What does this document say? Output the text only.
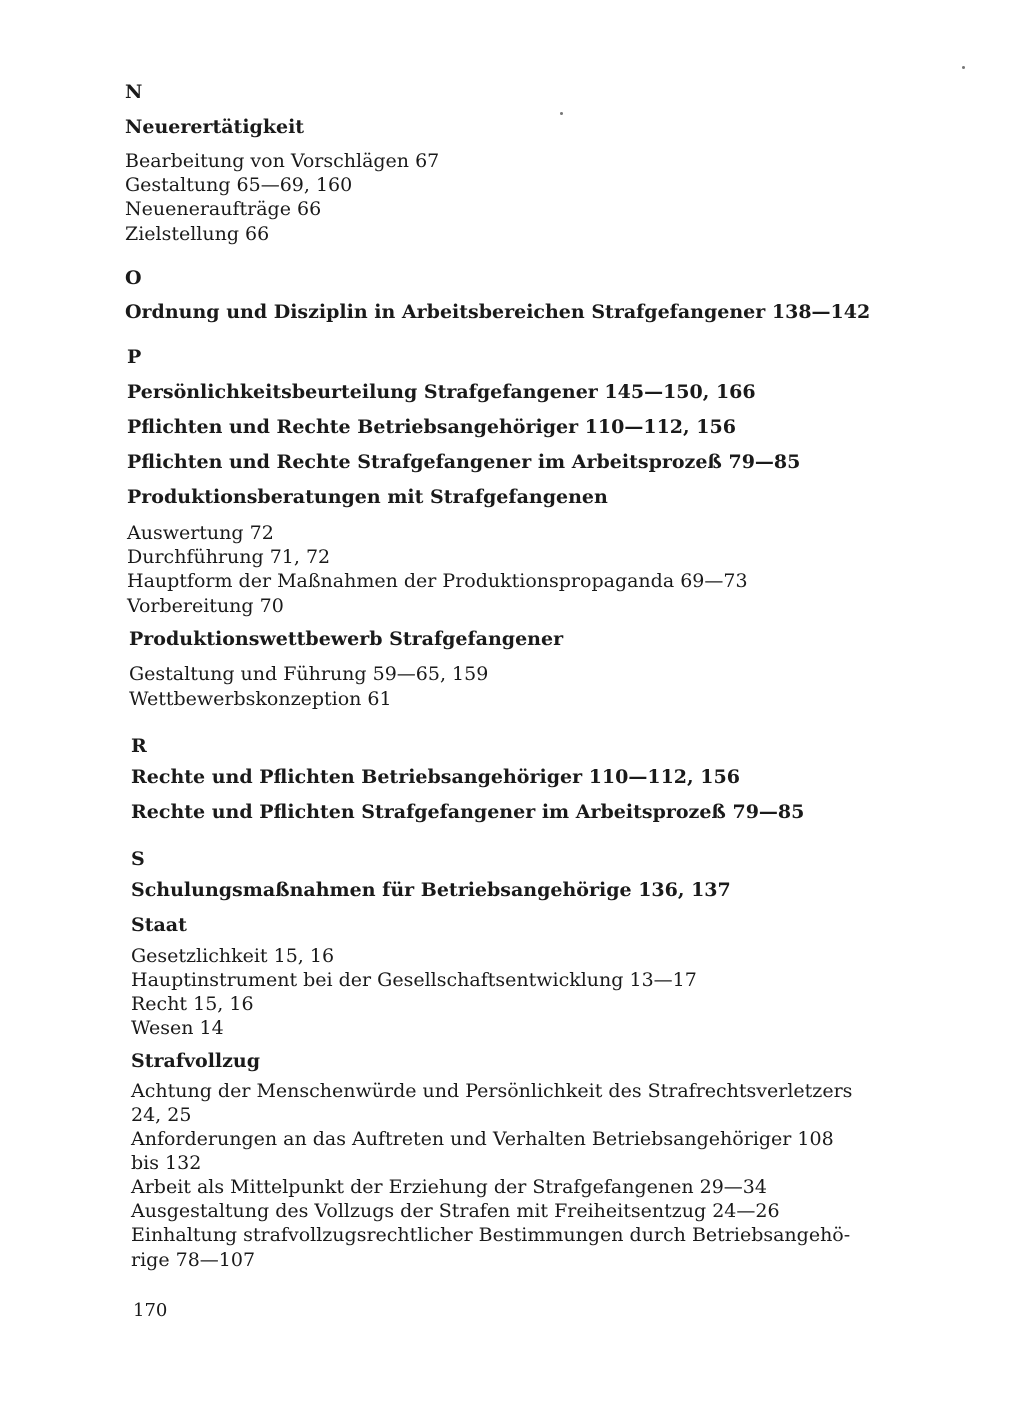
N
Neuerertätigkeit
Bearbeitung von Vorschlägen 67
Gestaltung 65—69, 160
Neueneraufträge 66
Zielstellung 66
O
Ordnung und Disziplin in Arbeitsbereichen Strafgefangener 138—142
P
Persönlichkeitsbeurteilung Strafgefangener 145—150, 166
Pflichten und Rechte Betriebsangehöriger 110—112, 156
Pflichten und Rechte Strafgefangener im Arbeitsprozeß 79—85
Produktionsberatungen mit Strafgefangenen
Auswertung 72
Durchführung 71, 72
Hauptform der Maßnahmen der Produktionspropaganda 69—73
Vorbereitung 70
Produktionswettbewerb Strafgefangener
Gestaltung und Führung 59—65, 159
Wettbewerbskonzeption 61
R
Rechte und Pflichten Betriebsangehöriger 110—112, 156
Rechte und Pflichten Strafgefangener im Arbeitsprozeß 79—85
S
Schulungsmaßnahmen für Betriebsangehörige 136, 137
Staat
Gesetzlichkeit 15, 16
Hauptinstrument bei der Gesellschaftsentwicklung 13—17
Recht 15, 16
Wesen 14
Strafvollzug
Achtung der Menschenwürde und Persönlichkeit des Strafrechtsverletzers
24, 25
Anforderungen an das Auftreten und Verhalten Betriebsangehöriger 108
bis 132
Arbeit als Mittelpunkt der Erziehung der Strafgefangenen 29—34
Ausgestaltung des Vollzugs der Strafen mit Freiheitsentzug 24—26
Einhaltung strafvollzugsrechtlicher Bestimmungen durch Betriebsangehö-
rige 78—107
170
